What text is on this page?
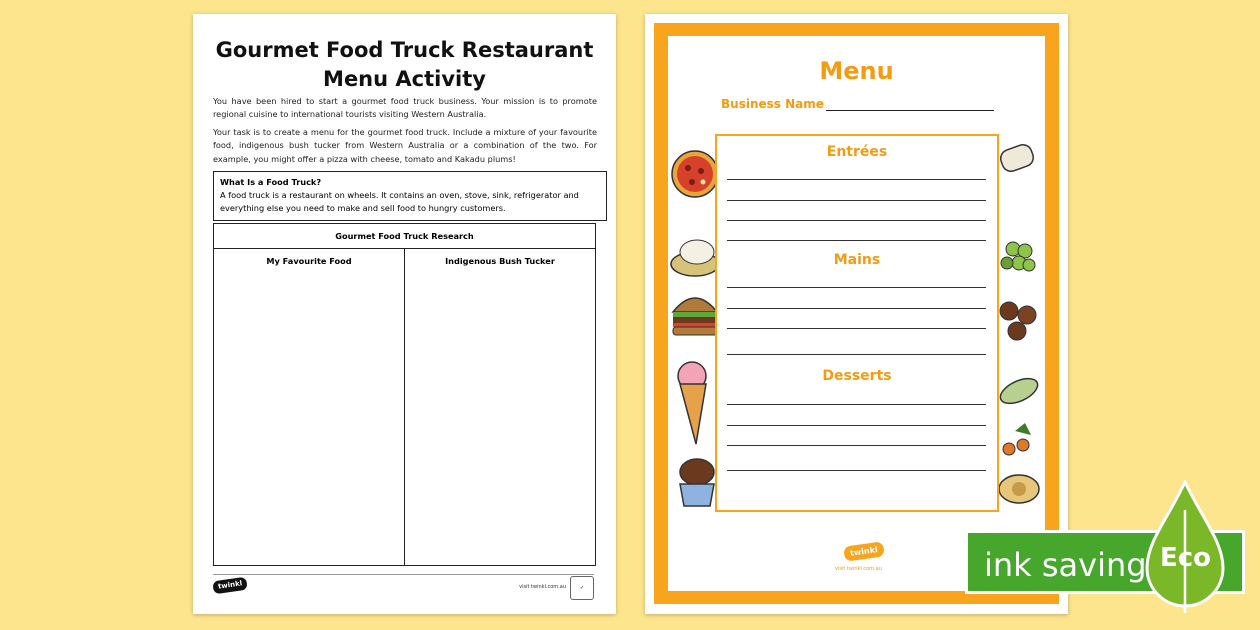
Gourmet Food Truck Restaurant
Menu Activity
You have been hired to start a gourmet food truck business. Your mission is to promote regional cuisine to international tourists visiting Western Australia.
Your task is to create a menu for the gourmet food truck. Include a mixture of your favourite food, indigenous bush tucker from Western Australia or a combination of the two. For example, you might offer a pizza with cheese, tomato and Kakadu plums!
What Is a Food Truck?
A food truck is a restaurant on wheels. It contains an oven, stove, sink, refrigerator and everything else you need to make and sell food to hungry customers.
Gourmet Food Truck Research
My Favourite Food	Indigenous Bush Tucker
twinkl	visit twinkl.com.au	✓
Menu
Business Name
Entrées
Mains
Desserts
twinkl
visit twinkl.com.au	ink saving Eco
